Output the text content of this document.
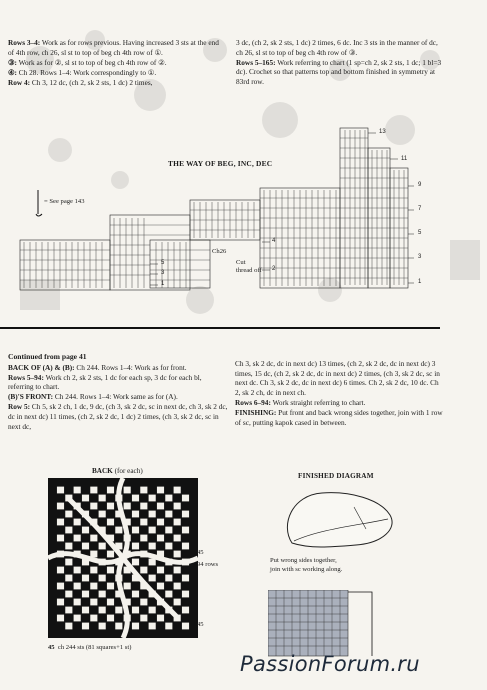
Rows 3–4: Work as for rows previous. Having increased 3 sts at the end of 4th row, ch 26, sl st to top of beg ch 4th row of ①.

③: Work as for ②, sl st to top of beg ch 4th row of ②.

④: Ch 28. Rows 1–4: Work correspondingly to ①.

Row 4: Ch 3, 12 dc, (ch 2, sk 2 sts, 1 dc) 2 times,

3 dc, (ch 2, sk 2 sts, 1 dc) 2 times, 6 dc. Inc 3 sts in the manner of dc, ch 26, sl st to top of beg ch 4th row of ③.

Rows 5–165: Work referring to chart (1 sp=ch 2, sk 2 sts, 1 dc; 1 bl=3 dc). Crochet so that patterns top and bottom finished in symmetry at 83rd row.

THE WAY OF BEG, INC, DEC
= See page 143
Ch26
Cut
thread off
13
11
9
7
5
3
1
5
3
1
2
4

Continued from page 41

BACK OF (A) & (B): Ch 244. Rows 1–4: Work as for front.

Rows 5–94: Work ch 2, sk 2 sts, 1 dc for each sp, 3 dc for each bl, referring to chart.

(B)'S FRONT: Ch 244. Rows 1–4: Work same as for (A).

Row 5: Ch 5, sk 2 ch, 1 dc, 9 dc, (ch 3, sk 2 dc, sc in next dc, ch 3, sk 2 dc, dc in next dc) 11 times, (ch 2, sk 2 dc, 1 dc) 2 times, (ch 3, sk 2 dc, sc in next dc,

Ch 3, sk 2 dc, dc in next dc) 13 times, (ch 2, sk 2 dc, dc in next dc) 3 times, 15 dc, (ch 2, sk 2 dc, dc in next dc) 2 times, (ch 3, sk 2 dc, sc in next dc. Ch 3, sk 2 dc, dc in next dc) 6 times. Ch 2, sk 2 dc, 10 dc. Ch 2, sk 2 ch, dc in next ch.

Rows 6–94: Work straight referring to chart.

FINISHING: Put front and back wrong sides together, join with 1 row of sc, putting kapok cased in between.

BACK (for each)
45
94 rows
45
45 ch 244 sts (81 squares+1 st)
FINISHED DIAGRAM
Put wrong sides together,
join with sc working along.
PassionForum.ru
